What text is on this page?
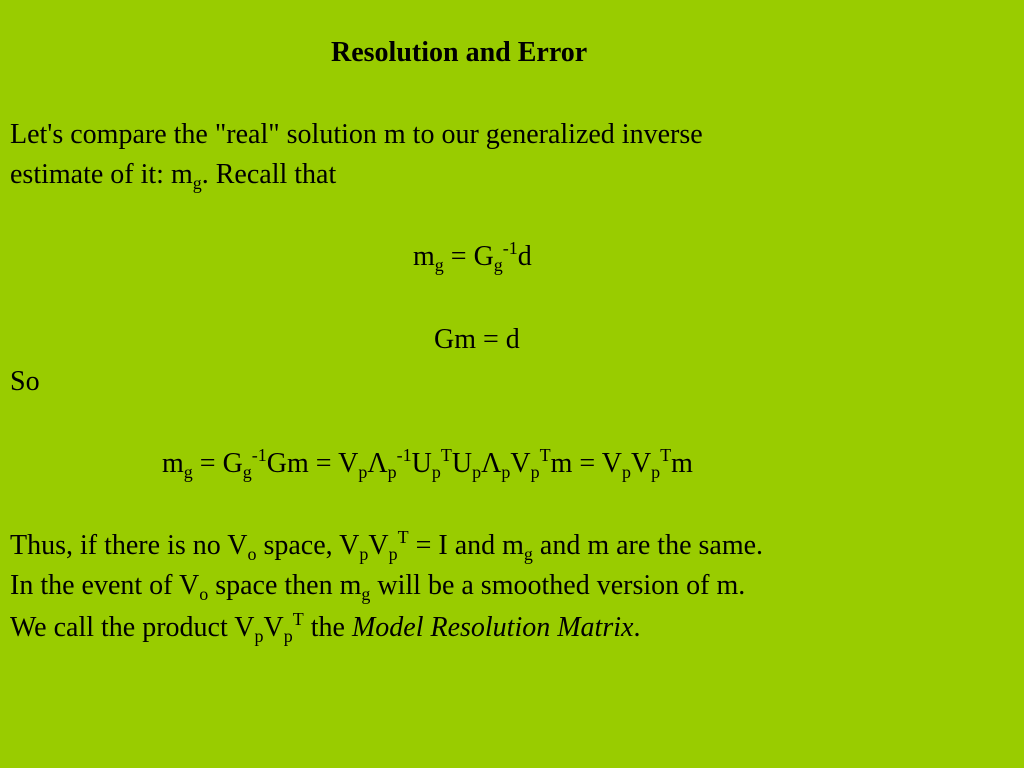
Resolution and Error
Let's compare the "real" solution m to our generalized inverse
estimate of it: $m_g$. Recall that
$m_g = G_g^{-1}d$
Gm = d
So
$m_g = G_g^{-1}Gm = V_p\Lambda_p^{-1}U_p^TU_p\Lambda_pV_p^Tm = V_pV_p^Tm$
Thus, if there is no $V_o$ space, $V_pV_p^T = I$ and $m_g$ and m are the same.
In the event of $V_o$ space then $m_g$ will be a smoothed version of m.
We call the product $V_pV_p^T$ the Model Resolution Matrix.
